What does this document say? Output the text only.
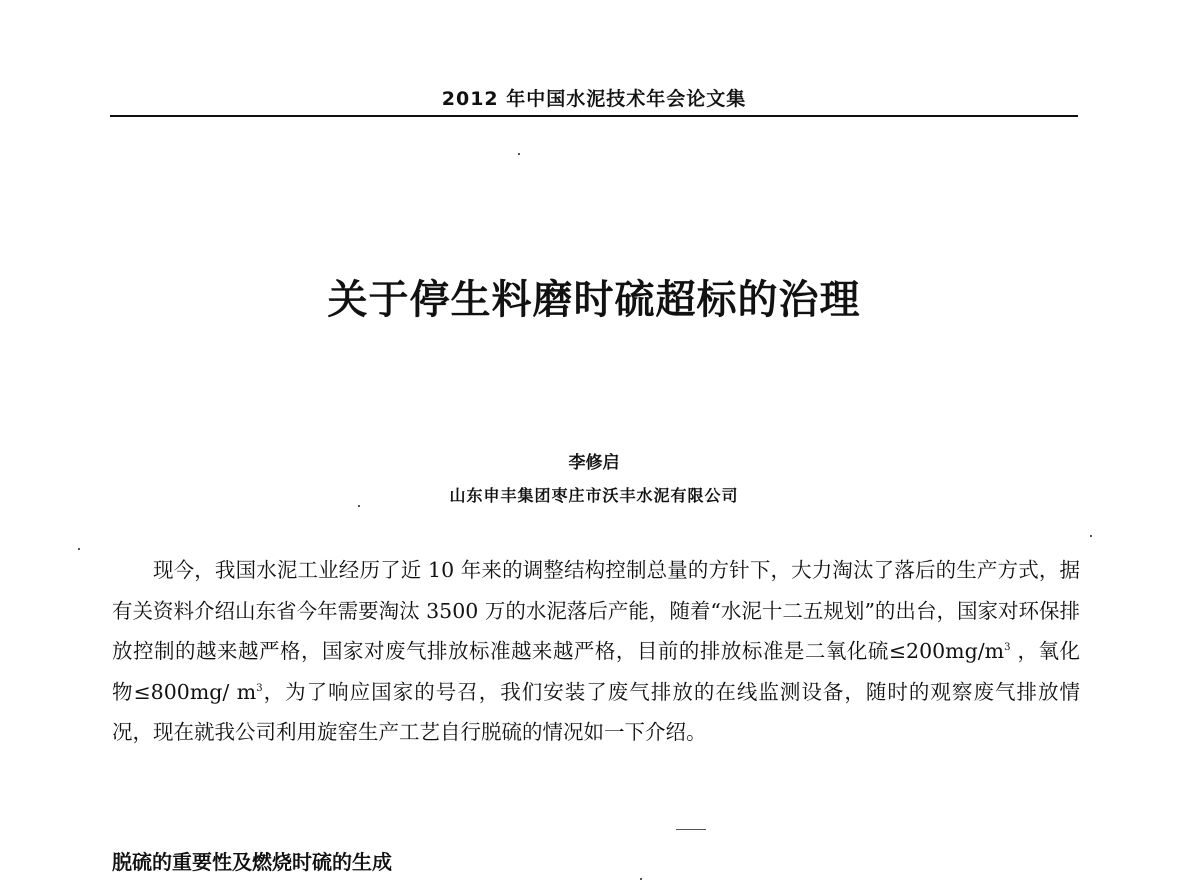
2012 年中国水泥技术年会论文集
关于停生料磨时硫超标的治理
李修启
山东申丰集团枣庄市沃丰水泥有限公司

现今，我国水泥工业经历了近 10 年来的调整结构控制总量的方针下，大力淘汰了落后的生产方式，据有关资料介绍山东省今年需要淘汰 3500 万的水泥落后产能，随着“水泥十二五规划”的出台，国家对环保排放控制的越来越严格，国家对废气排放标准越来越严格，目前的排放标准是二氧化硫$\le 200mg/m^3$ ，氧化物≤800mg/ $m^3$，为了响应国家的号召，我们安装了废气排放的在线监测设备，随时的观察废气排放情况，现在就我公司利用旋窑生产工艺自行脱硫的情况如一下介绍。

脱硫的重要性及燃烧时硫的生成
